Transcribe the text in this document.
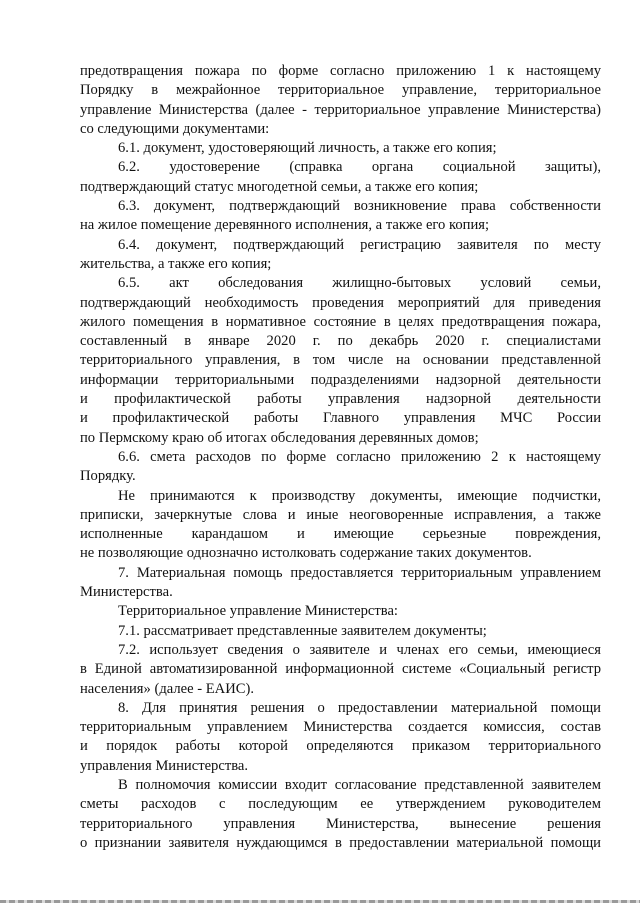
предотвращения пожара по форме согласно приложению 1 к настоящему
Порядку в межрайонное территориальное управление, территориальное
управление Министерства (далее - территориальное управление Министерства)
со следующими документами:
6.1. документ, удостоверяющий личность, а также его копия;
6.2. удостоверение (справка органа социальной защиты),
подтверждающий статус многодетной семьи, а также его копия;
6.3. документ, подтверждающий возникновение права собственности
на жилое помещение деревянного исполнения, а также его копия;
6.4. документ, подтверждающий регистрацию заявителя по месту
жительства, а также его копия;
6.5. акт обследования жилищно-бытовых условий семьи,
подтверждающий необходимость проведения мероприятий для приведения
жилого помещения в нормативное состояние в целях предотвращения пожара,
составленный в январе 2020 г. по декабрь 2020 г. специалистами
территориального управления, в том числе на основании представленной
информации территориальными подразделениями надзорной деятельности
и профилактической работы управления надзорной деятельности
и профилактической работы Главного управления МЧС России
по Пермскому краю об итогах обследования деревянных домов;
6.6. смета расходов по форме согласно приложению 2 к настоящему
Порядку.
Не принимаются к производству документы, имеющие подчистки,
приписки, зачеркнутые слова и иные неоговоренные исправления, а также
исполненные карандашом и имеющие серьезные повреждения,
не позволяющие однозначно истолковать содержание таких документов.
7. Материальная помощь предоставляется территориальным управлением
Министерства.
Территориальное управление Министерства:
7.1. рассматривает представленные заявителем документы;
7.2. использует сведения о заявителе и членах его семьи, имеющиеся
в Единой автоматизированной информационной системе «Социальный регистр
населения» (далее - ЕАИС).
8. Для принятия решения о предоставлении материальной помощи
территориальным управлением Министерства создается комиссия, состав
и порядок работы которой определяются приказом территориального
управления Министерства.
В полномочия комиссии входит согласование представленной заявителем
сметы расходов с последующим ее утверждением руководителем
территориального управления Министерства, вынесение решения
о признании заявителя нуждающимся в предоставлении материальной помощи
